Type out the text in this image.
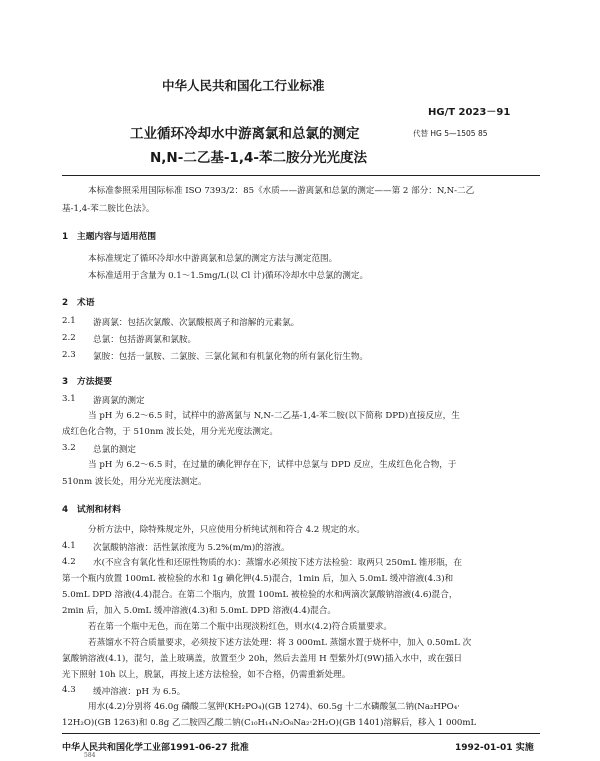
中华人民共和国化工行业标准
HG/T 2023－91
工业循环冷却水中游离氯和总氯的测定	代替 HG 5—1505 85
N,N-二乙基-1,4-苯二胺分光光度法
本标准参照采用国际标准 ISO 7393/2：85《水质——游离氯和总氯的测定——第 2 部分：N,N-二乙
基-1,4-苯二胺比色法》。
1　主题内容与适用范围
本标准规定了循环冷却水中游离氯和总氯的测定方法与测定范围。
本标准适用于含量为 0.1～1.5mg/L(以 Cl 计)循环冷却水中总氯的测定。
2　术语
2.1 游离氯：包括次氯酸、次氯酸根离子和溶解的元素氯。
2.2 总氯：包括游离氯和氯胺。
2.3 氯胺：包括一氯胺、二氯胺、三氯化氮和有机氯化物的所有氯化衍生物。
3　方法提要
3.1 游离氯的测定
当 pH 为 6.2～6.5 时，试样中的游离氯与 N,N-二乙基-1,4-苯二胺(以下简称 DPD)直接反应，生
成红色化合物，于 510nm 波长处，用分光光度法测定。
3.2 总氯的测定
当 pH 为 6.2～6.5 时，在过量的碘化钾存在下，试样中总氯与 DPD 反应，生成红色化合物，于
510nm 波长处，用分光光度法测定。
4　试剂和材料
分析方法中，除特殊规定外，只应使用分析纯试剂和符合 4.2 规定的水。
4.1 次氯酸钠溶液：活性氯浓度为 5.2%(m/m)的溶液。
4.2 水(不应含有氧化性和还原性物质的水)：蒸馏水必须按下述方法检验：取两只 250mL 锥形瓶，在
第一个瓶内放置 100mL 被检验的水和 1g 碘化钾(4.5)混合，1min 后，加入 5.0mL 缓冲溶液(4.3)和
5.0mL DPD 溶液(4.4)混合。在第二个瓶内，放置 100mL 被检验的水和两滴次氯酸钠溶液(4.6)混合，
2min 后，加入 5.0mL 缓冲溶液(4.3)和 5.0mL DPD 溶液(4.4)混合。
若在第一个瓶中无色，而在第二个瓶中出现淡粉红色，则水(4.2)符合质量要求。
若蒸馏水不符合质量要求，必须按下述方法处理：将 3 000mL 蒸馏水置于烧杯中，加入 0.50mL 次
氯酸钠溶液(4.1)，混匀，盖上玻璃盖，放置至少 20h，然后去盖用 H 型紫外灯(9W)插入水中，或在强日
光下照射 10h 以上，脱氯，再按上述方法检验，如不合格，仍需重新处理。
4.3 缓冲溶液：pH 为 6.5。
用水(4.2)分别将 46.0g 磷酸二氢钾(KH₂PO₄)(GB 1274)、60.5g 十二水磷酸氢二钠(Na₂HPO₄·
12H₂O)(GB 1263)和 0.8g 乙二胺四乙酸二钠(C₁₀H₁₄N₂O₈Na₂·2H₂O)(GB 1401)溶解后，移入 1 000mL
中华人民共和国化学工业部1991-06-27 批准	1992-01-01 实施
584
